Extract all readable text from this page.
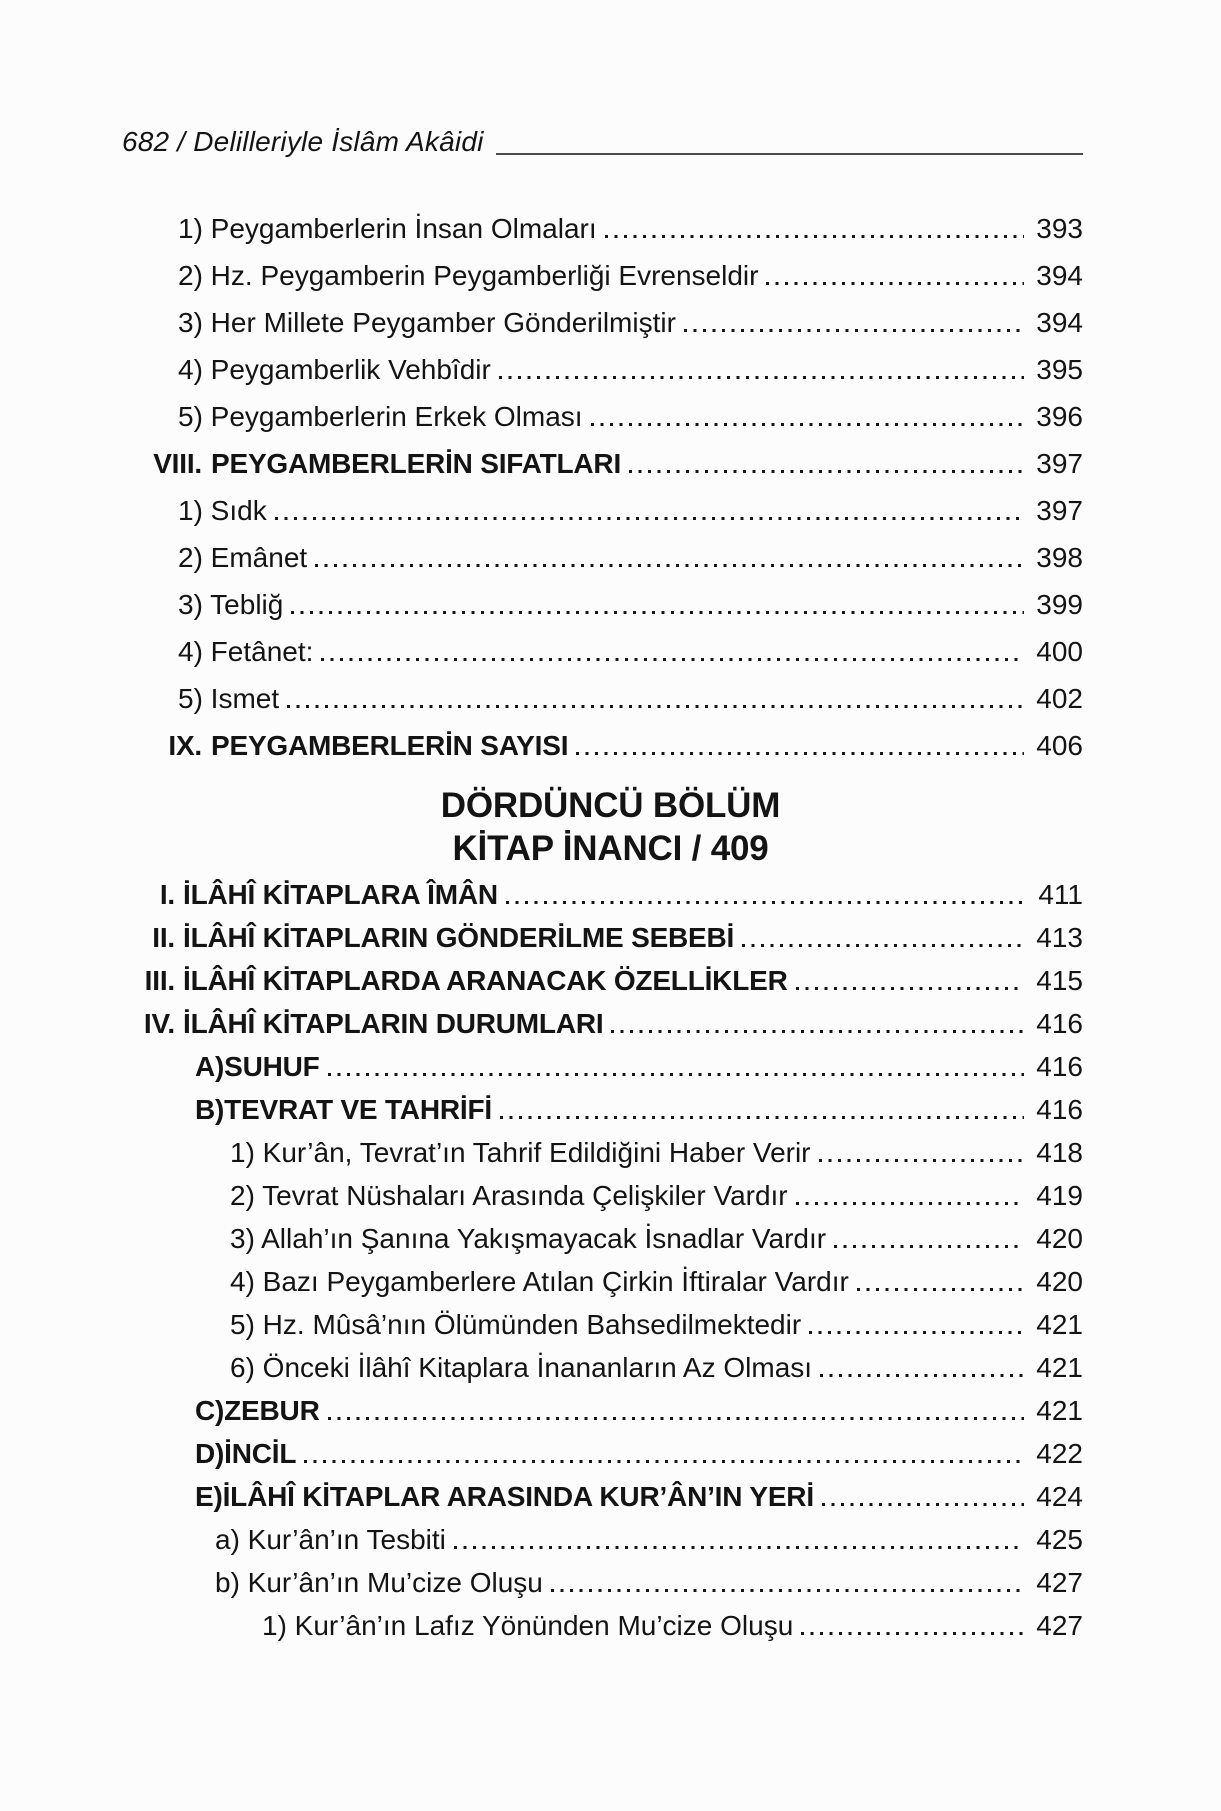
682 / Delilleriyle İslâm Akâidi
1) Peygamberlerin İnsan Olmaları	393
2) Hz. Peygamberin Peygamberliği Evrenseldir	394
3) Her Millete Peygamber Gönderilmiştir	394
4) Peygamberlik Vehbîdir	395
5) Peygamberlerin Erkek Olması	396
VIII. PEYGAMBERLERİN SIFATLARI	397
1) Sıdk	397
2) Emânet	398
3) Tebliğ	399
4) Fetânet:	400
5) Ismet	402
IX. PEYGAMBERLERİN SAYISI	406
DÖRDÜNCÜ BÖLÜM
KİTAP İNANCI / 409
I. İLÂHÎ KİTAPLARA ÎMÂN	411
II. İLÂHÎ KİTAPLARIN GÖNDERİLME SEBEBİ	413
III. İLÂHÎ KİTAPLARDA ARANACAK ÖZELLİKLER	415
IV. İLÂHÎ KİTAPLARIN DURUMLARI	416
A)SUHUF	416
B)TEVRAT VE TAHRİFİ	416
1) Kur’ân, Tevrat’ın Tahrif Edildiğini Haber Verir	418
2) Tevrat Nüshaları Arasında Çelişkiler Vardır	419
3) Allah’ın Şanına Yakışmayacak İsnadlar Vardır	420
4) Bazı Peygamberlere Atılan Çirkin İftiralar Vardır	420
5) Hz. Mûsâ’nın Ölümünden Bahsedilmektedir	421
6) Önceki İlâhî Kitaplara İnananların Az Olması	421
C)ZEBUR	421
D)İNCİL	422
E)İLÂHÎ KİTAPLAR ARASINDA KUR’ÂN’IN YERİ	424
a) Kur’ân’ın Tesbiti	425
b) Kur’ân’ın Mu’cize Oluşu	427
1) Kur’ân’ın Lafız Yönünden Mu’cize Oluşu	427
